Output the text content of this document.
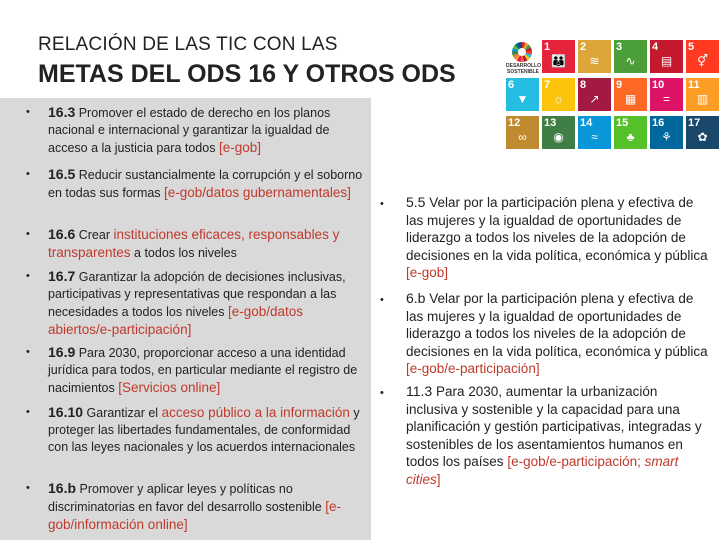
RELACIÓN DE LAS TIC CON LAS
METAS DEL ODS 16 Y OTROS ODS	DESARROLLO SOSTENIBLE
1
👪
2
≋
3
∿
4
▤
5
⚥
6
▼
7
☼
8
↗
9
▦
10
=
11
▥
12
∞
13
◉
14
≈
15
♣
16
⚘
17
✿
• 16.3 Promover el estado de derecho en los planos nacional e internacional y garantizar la igualdad de acceso a la justicia para todos [e-gob]
• 16.5 Reducir sustancialmente la corrupción y el soborno en todas sus formas [e-gob/datos gubernamentales]
• 16.6 Crear instituciones eficaces, responsables y transparentes a todos los niveles
• 16.7 Garantizar la adopción de decisiones inclusivas, participativas y representativas que respondan a las necesidades a todos los niveles [e-gob/datos abiertos/e-participación]
• 16.9 Para 2030, proporcionar acceso a una identidad jurídica para todos, en particular mediante el registro de nacimientos [Servicios online]
• 16.10 Garantizar el acceso público a la información y proteger las libertades fundamentales, de conformidad con las leyes nacionales y los acuerdos internacionales
• 16.b Promover y aplicar leyes y políticas no discriminatorias en favor del desarrollo sostenible [e-gob/información online]
• 5.5 Velar por la participación plena y efectiva de las mujeres y la igualdad de oportunidades de liderazgo a todos los niveles de la adopción de decisiones en la vida política, económica y pública [e-gob]
• 6.b Velar por la participación plena y efectiva de las mujeres y la igualdad de oportunidades de liderazgo a todos los niveles de la adopción de decisiones en la vida política, económica y pública [e-gob/e-participación]
• 11.3 Para 2030, aumentar la urbanización inclusiva y sostenible y la capacidad para una planificación y gestión participativas, integradas y sostenibles de los asentamientos humanos en todos los países [e-gob/e-participación; smart cities]
